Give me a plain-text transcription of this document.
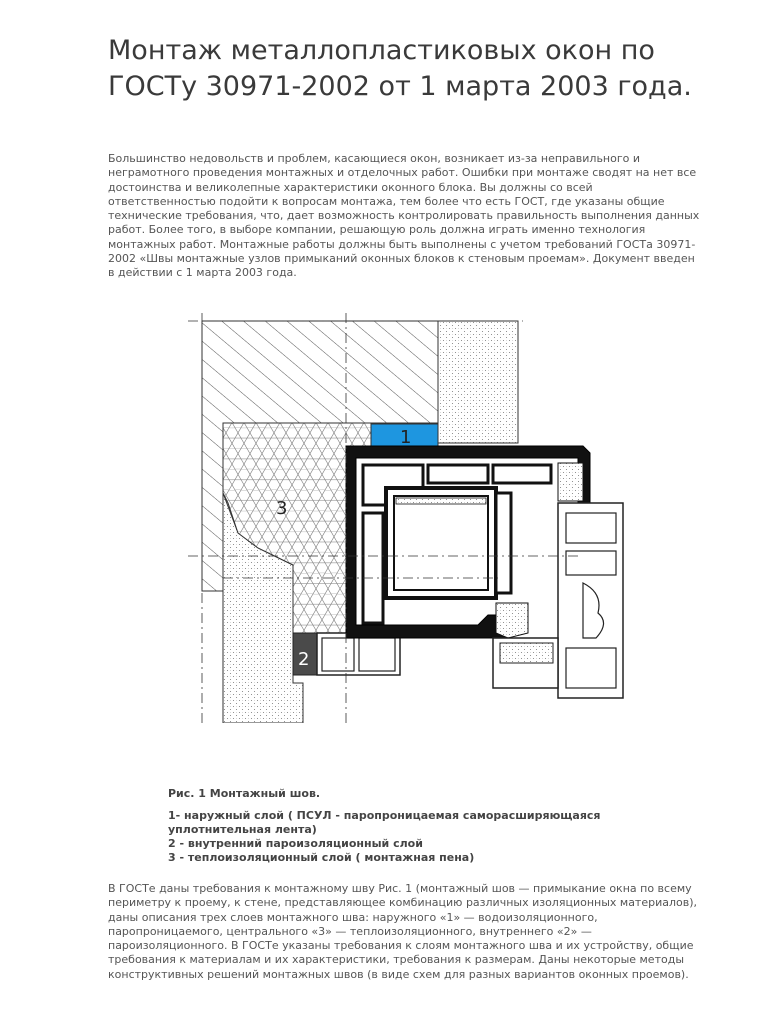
Монтаж металлопластиковых окон по
ГОСТу 30971-2002 от 1 марта 2003 года.
Большинство недовольств и проблем, касающиеся окон, возникает из-за неправильного и
неграмотного проведения монтажных и отделочных работ. Ошибки при монтаже сводят на нет все
достоинства и великолепные характеристики оконного блока. Вы должны со всей
ответственностью подойти к вопросам монтажа, тем более что есть ГОСТ, где указаны общие
технические требования, что, дает возможность контролировать правильность выполнения данных
работ. Более того, в выборе компании, решающую роль должна играть именно технология
монтажных работ. Монтажные работы должны быть выполнены с учетом требований ГОСТа 30971-
2002 «Швы монтажные узлов примыканий оконных блоков к стеновым проемам». Документ введен
в действии с 1 марта 2003 года.
1
2
3
Рис. 1 Монтажный шов.
1- наружный слой ( ПСУЛ - паропроницаемая саморасширяющаяся
уплотнительная лента)
2 - внутренний пароизоляционный слой
3 - теплоизоляционный слой ( монтажная пена)
В ГОСТе даны требования к монтажному шву Рис. 1 (монтажный шов — примыкание окна по всему
периметру к проему, к стене, представляющее комбинацию различных изоляционных материалов),
даны описания трех слоев монтажного шва: наружного «1» — водоизоляционного,
паропроницаемого, центрального «3» — теплоизоляционного, внутреннего «2» —
пароизоляционного. В ГОСТе указаны требования к слоям монтажного шва и их устройству, общие
требования к материалам и их характеристики, требования к размерам. Даны некоторые методы
конструктивных решений монтажных швов (в виде схем для разных вариантов оконных проемов).
